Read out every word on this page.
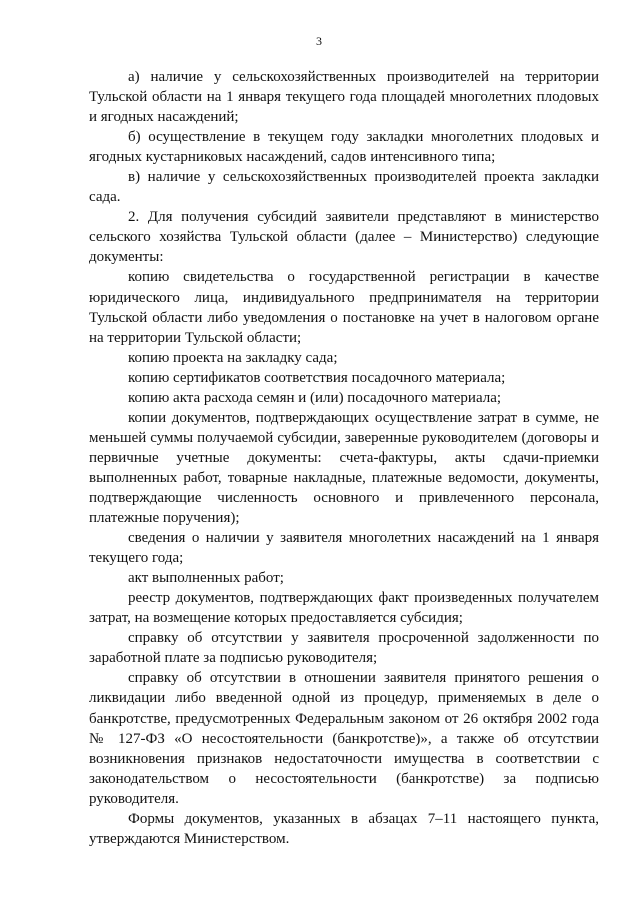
3

а) наличие у сельскохозяйственных производителей на территории Тульской области на 1 января текущего года площадей многолетних плодовых и ягодных насаждений;

б) осуществление в текущем году закладки многолетних плодовых и ягодных кустарниковых насаждений, садов интенсивного типа;

в) наличие у сельскохозяйственных производителей проекта закладки сада.

2. Для получения субсидий заявители представляют в министерство сельского хозяйства Тульской области (далее – Министерство) следующие документы:

копию свидетельства о государственной регистрации в качестве юридического лица, индивидуального предпринимателя на территории Тульской области либо уведомления о постановке на учет в налоговом органе на территории Тульской области;

копию проекта на закладку сада;

копию сертификатов соответствия посадочного материала;

копию акта расхода семян и (или) посадочного материала;

копии документов, подтверждающих осуществление затрат в сумме, не меньшей суммы получаемой субсидии, заверенные руководителем (договоры и первичные учетные документы: счета-фактуры, акты сдачи-приемки выполненных работ, товарные накладные, платежные ведомости, документы, подтверждающие численность основного и привлеченного персонала, платежные поручения);

сведения о наличии у заявителя многолетних насаждений на 1 января текущего года;

акт выполненных работ;

реестр документов, подтверждающих факт произведенных получателем затрат, на возмещение которых предоставляется субсидия;

справку об отсутствии у заявителя просроченной задолженности по заработной плате за подписью руководителя;

справку об отсутствии в отношении заявителя принятого решения о ликвидации либо введенной одной из процедур, применяемых в деле о банкротстве, предусмотренных Федеральным законом от 26 октября 2002 года № 127-ФЗ «О несостоятельности (банкротстве)», а также об отсутствии возникновения признаков недостаточности имущества в соответствии с законодательством о несостоятельности (банкротстве) за подписью руководителя.

Формы документов, указанных в абзацах 7–11 настоящего пункта, утверждаются Министерством.
